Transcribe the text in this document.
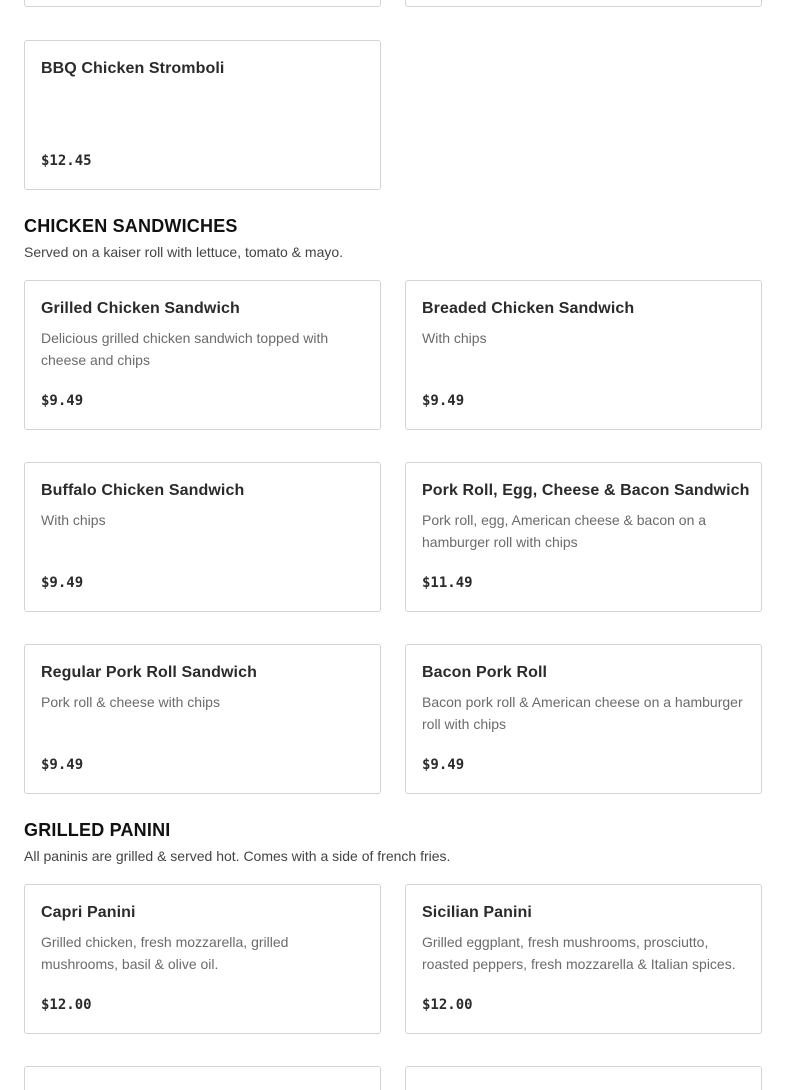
BBQ Chicken Stromboli
$12.45
CHICKEN SANDWICHES
Served on a kaiser roll with lettuce, tomato & mayo.
Grilled Chicken Sandwich
Delicious grilled chicken sandwich topped with cheese and chips
$9.49
Breaded Chicken Sandwich
With chips
$9.49
Buffalo Chicken Sandwich
With chips
$9.49
Pork Roll, Egg, Cheese & Bacon Sandwich
Pork roll, egg, American cheese & bacon on a hamburger roll with chips
$11.49
Regular Pork Roll Sandwich
Pork roll & cheese with chips
$9.49
Bacon Pork Roll
Bacon pork roll & American cheese on a hamburger roll with chips
$9.49
GRILLED PANINI
All paninis are grilled & served hot. Comes with a side of french fries.
Capri Panini
Grilled chicken, fresh mozzarella, grilled mushrooms, basil & olive oil.
$12.00
Sicilian Panini
Grilled eggplant, fresh mushrooms, prosciutto, roasted peppers, fresh mozzarella & Italian spices.
$12.00
